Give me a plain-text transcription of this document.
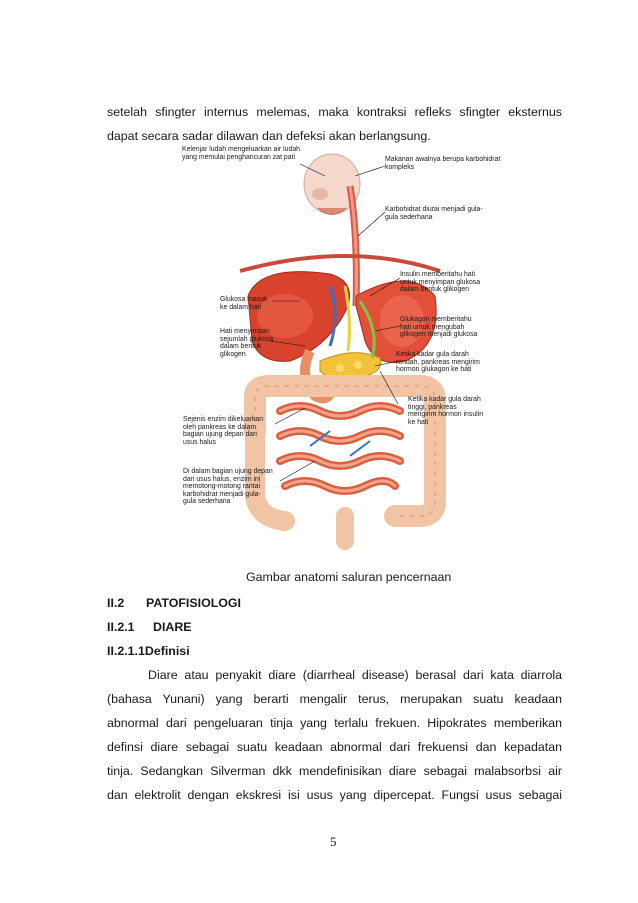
setelah sfingter internus melemas, maka kontraksi refleks sfingter eksternus
dapat secara sadar dilawan dan defeksi akan berlangsung.
Kelenjar ludah mengeluarkan air ludah
yang memulai penghancuran zat pati	Makanan awalnya berupa karbohidrat
kompleks
Karbohidrat diurai menjadi gula-
gula sederhana
Insulin memberitahu hati
untuk menyimpan glukosa
dalam bentuk glikogen
Glukosa masuk
ke dalam hati
Glukagon memberitahu
hati untuk mengubah
glikogen menjadi glukosa
Hati menyimpan
sejumlah glukosa
dalam bentuk
glikogen	Ketika kadar gula darah
rendah, pankreas mengirim
hormon glukagon ke hati
Sejenis enzim dikeluarkan
oleh pankreas ke dalam
bagian ujung depan dari
usus halus
Ketika kadar gula darah
tinggi, pankreas
mengirim hormon insulin
ke hati
Di dalam bagian ujung depan
dari usus halus, enzim ini
memotong-motong rantai
karbohidrat menjadi gula-
gula sederhana
Gambar anatomi saluran pencernaan
II.2 PATOFISIOLOGI
II.2.1 DIARE
II.2.1.1Definisi
Diare atau penyakit diare (diarrheal disease) berasal dari kata diarrola
(bahasa Yunani) yang berarti mengalir terus, merupakan suatu keadaan
abnormal dari pengeluaran tinja yang terlalu frekuen. Hipokrates memberikan
definsi diare sebagai suatu keadaan abnormal dari frekuensi dan kepadatan
tinja. Sedangkan Silverman dkk mendefinisikan diare sebagai malabsorbsi air
dan elektrolit dengan ekskresi isi usus yang dipercepat. Fungsi usus sebagai
5
